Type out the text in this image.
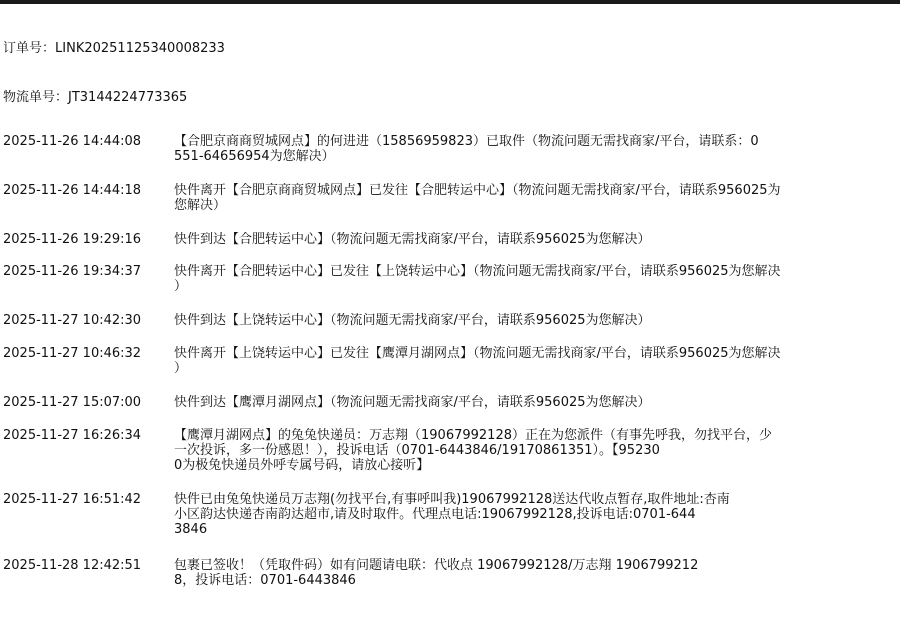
订单号：LINK20251125340008233
物流单号：JT3144224773365
2025-11-26 14:44:08	【合肥京商商贸城网点】的何进进（15856959823）已取件（物流问题无需找商家/平台，请联系：0
551-64656954为您解决）
2025-11-26 14:44:18	快件离开【合肥京商商贸城网点】已发往【合肥转运中心】（物流问题无需找商家/平台，请联系956025为
您解决）
2025-11-26 19:29:16	快件到达【合肥转运中心】（物流问题无需找商家/平台，请联系956025为您解决）
2025-11-26 19:34:37	快件离开【合肥转运中心】已发往【上饶转运中心】（物流问题无需找商家/平台，请联系956025为您解决
）
2025-11-27 10:42:30	快件到达【上饶转运中心】（物流问题无需找商家/平台，请联系956025为您解决）
2025-11-27 10:46:32	快件离开【上饶转运中心】已发往【鹰潭月湖网点】（物流问题无需找商家/平台，请联系956025为您解决
）
2025-11-27 15:07:00	快件到达【鹰潭月湖网点】（物流问题无需找商家/平台，请联系956025为您解决）
2025-11-27 16:26:34	【鹰潭月湖网点】的兔兔快递员：万志翔（19067992128）正在为您派件（有事先呼我，勿找平台，少
一次投诉，多一份感恩！），投诉电话（0701-6443846/19170861351）。【95230
0为极兔快递员外呼专属号码，请放心接听】
2025-11-27 16:51:42	快件已由兔兔快递员万志翔(勿找平台,有事呼叫我)19067992128送达代收点暂存,取件地址:杏南
小区韵达快递杏南韵达超市,请及时取件。代理点电话:19067992128,投诉电话:0701-644
3846
2025-11-28 12:42:51	包裹已签收！（凭取件码）如有问题请电联：代收点 19067992128/万志翔 1906799212
8，投诉电话：0701-6443846
